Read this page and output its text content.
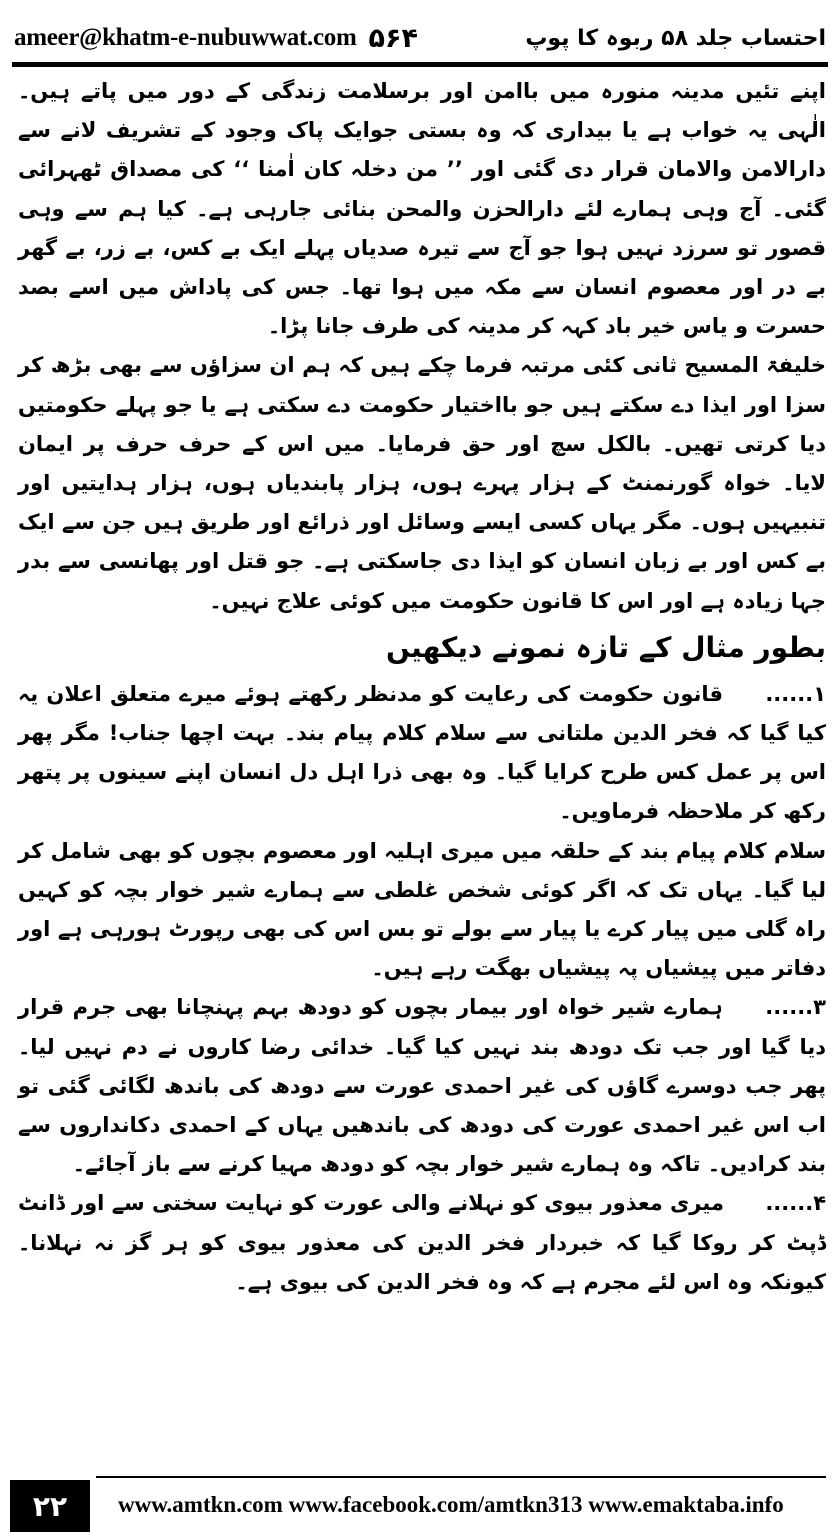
ameer@khatm-e-nubuwwat.com ۵۶۴	احتساب جلد ۵۸ ربوہ کا پوپ

اپنے تئیں مدینہ منورہ میں باامن اور برسلامت زندگی کے دور میں پاتے ہیں۔ الٰہی یہ خواب ہے یا بیداری کہ وہ بستی جوایک پاک وجود کے تشریف لانے سے دارالامن والامان قرار دی گئی اور ’’ من دخلہ کان اٰمنا ‘‘ کی مصداق ٹھہرائی گئی۔ آج وہی ہمارے لئے دارالحزن والمحن بنائی جارہی ہے۔ کیا ہم سے وہی قصور تو سرزد نہیں ہوا جو آج سے تیرہ صدیاں پہلے ایک بے کس، بے زر، بے گھر بے در اور معصوم انسان سے مکہ میں ہوا تھا۔ جس کی پاداش میں اسے بصد حسرت و یاس خیر باد کہہ کر مدینہ کی طرف جانا پڑا۔

خلیفۃ المسیح ثانی کئی مرتبہ فرما چکے ہیں کہ ہم ان سزاؤں سے بھی بڑھ کر سزا اور ایذا دے سکتے ہیں جو بااختیار حکومت دے سکتی ہے یا جو پہلے حکومتیں دیا کرتی تھیں۔ بالکل سچ اور حق فرمایا۔ میں اس کے حرف حرف پر ایمان لایا۔ خواہ گورنمنٹ کے ہزار پہرے ہوں، ہزار پابندیاں ہوں، ہزار ہدایتیں اور تنبیہیں ہوں۔ مگر یہاں کسی ایسے وسائل اور ذرائع اور طریق ہیں جن سے ایک بے کس اور بے زبان انسان کو ایذا دی جاسکتی ہے۔ جو قتل اور پھانسی سے بدر جہا زیادہ ہے اور اس کا قانون حکومت میں کوئی علاج نہیں۔

بطور مثال کے تازہ نمونے دیکھیں

۱...... قانون حکومت کی رعایت کو مدنظر رکھتے ہوئے میرے متعلق اعلان یہ کیا گیا کہ فخر الدین ملتانی سے سلام کلام پیام بند۔ بہت اچھا جناب! مگر پھر اس پر عمل کس طرح کرایا گیا۔ وہ بھی ذرا اہل دل انسان اپنے سینوں پر پتھر رکھ کر ملاحظہ فرماویں۔

سلام کلام پیام بند کے حلقہ میں میری اہلیہ اور معصوم بچوں کو بھی شامل کر لیا گیا۔ یہاں تک کہ اگر کوئی شخص غلطی سے ہمارے شیر خوار بچہ کو کہیں راہ گلی میں پیار کرے یا پیار سے بولے تو بس اس کی بھی رپورٹ ہورہی ہے اور دفاتر میں پیشیاں پہ پیشیاں بھگت رہے ہیں۔

۳...... ہمارے شیر خواہ اور بیمار بچوں کو دودھ بہم پہنچانا بھی جرم قرار دیا گیا اور جب تک دودھ بند نہیں کیا گیا۔ خدائی رضا کاروں نے دم نہیں لیا۔ پھر جب دوسرے گاؤں کی غیر احمدی عورت سے دودھ کی باندھ لگائی گئی تو اب اس غیر احمدی عورت کی دودھ کی باندھیں یہاں کے احمدی دکانداروں سے بند کرادیں۔ تاکہ وہ ہمارے شیر خوار بچہ کو دودھ مہیا کرنے سے باز آجائے۔

۴...... میری معذور بیوی کو نہلانے والی عورت کو نہایت سختی سے اور ڈانٹ ڈپٹ کر روکا گیا کہ خبردار فخر الدین کی معذور بیوی کو ہر گز نہ نہلانا۔ کیونکہ وہ اس لئے مجرم ہے کہ وہ فخر الدین کی بیوی ہے۔

۲۲	www.amtkn.com www.facebook.com/amtkn313 www.emaktaba.info
